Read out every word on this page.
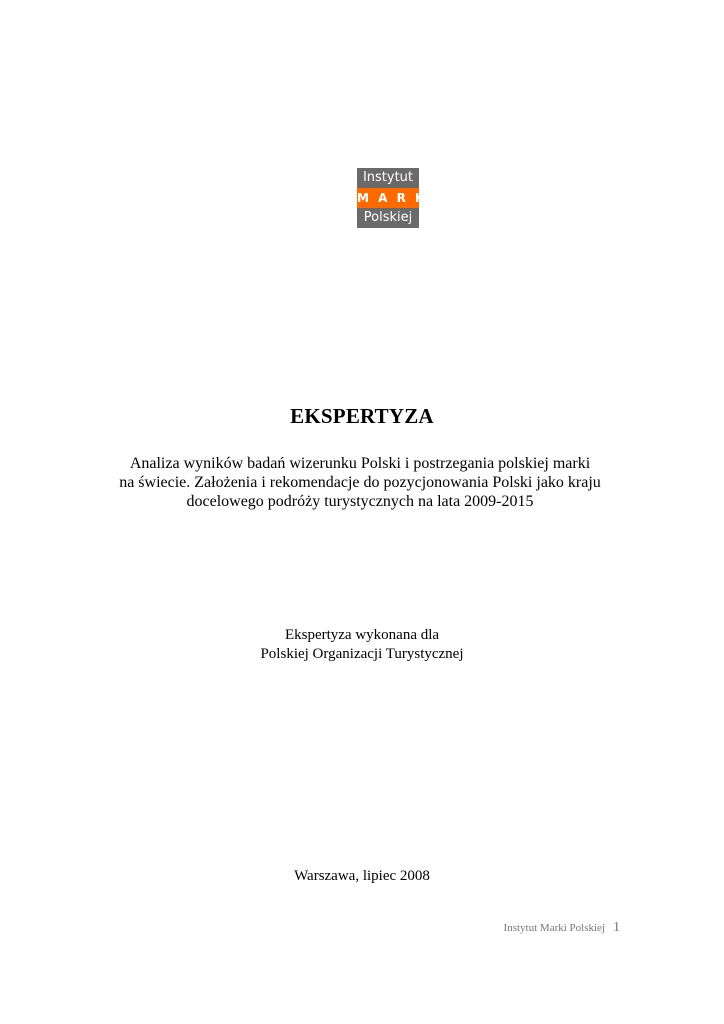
Instytut
M A R K I
Polskiej
EKSPERTYZA
Analiza wyników badań wizerunku Polski i postrzegania polskiej marki
na świecie. Założenia i rekomendacje do pozycjonowania Polski jako kraju
docelowego podróży turystycznych na lata 2009-2015
Ekspertyza wykonana dla
Polskiej Organizacji Turystycznej
Warszawa, lipiec 2008
Instytut Marki Polskiej 1
